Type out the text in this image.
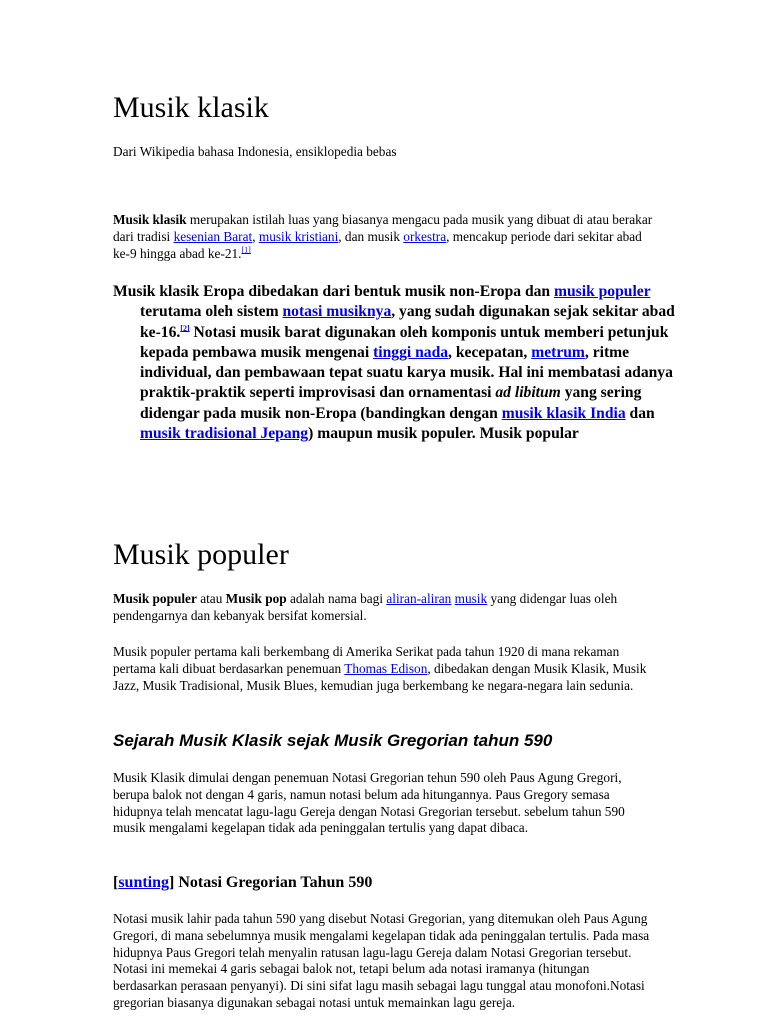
Musik klasik

Dari Wikipedia bahasa Indonesia, ensiklopedia bebas

Musik klasik merupakan istilah luas yang biasanya mengacu pada musik yang dibuat di atau berakar dari tradisi kesenian Barat, musik kristiani, dan musik orkestra, mencakup periode dari sekitar abad ke-9 hingga abad ke-21.[1]

Musik klasik Eropa dibedakan dari bentuk musik non-Eropa dan musik populer terutama oleh sistem notasi musiknya, yang sudah digunakan sejak sekitar abad ke-16.[2] Notasi musik barat digunakan oleh komponis untuk memberi petunjuk kepada pembawa musik mengenai tinggi nada, kecepatan, metrum, ritme individual, dan pembawaan tepat suatu karya musik. Hal ini membatasi adanya praktik-praktik seperti improvisasi dan ornamentasi ad libitum yang sering didengar pada musik non-Eropa (bandingkan dengan musik klasik India dan musik tradisional Jepang) maupun musik populer. Musik popular
Musik populer

Musik populer atau Musik pop adalah nama bagi aliran-aliran musik yang didengar luas oleh pendengarnya dan kebanyak bersifat komersial.

Musik populer pertama kali berkembang di Amerika Serikat pada tahun 1920 di mana rekaman pertama kali dibuat berdasarkan penemuan Thomas Edison, dibedakan dengan Musik Klasik, Musik Jazz, Musik Tradisional, Musik Blues, kemudian juga berkembang ke negara-negara lain sedunia.

Sejarah Musik Klasik sejak Musik Gregorian tahun 590

Musik Klasik dimulai dengan penemuan Notasi Gregorian tehun 590 oleh Paus Agung Gregori, berupa balok not dengan 4 garis, namun notasi belum ada hitungannya. Paus Gregory semasa hidupnya telah mencatat lagu-lagu Gereja dengan Notasi Gregorian tersebut. sebelum tahun 590 musik mengalami kegelapan tidak ada peninggalan tertulis yang dapat dibaca.

[sunting] Notasi Gregorian Tahun 590

Notasi musik lahir pada tahun 590 yang disebut Notasi Gregorian, yang ditemukan oleh Paus Agung Gregori, di mana sebelumnya musik mengalami kegelapan tidak ada peninggalan tertulis. Pada masa hidupnya Paus Gregori telah menyalin ratusan lagu-lagu Gereja dalam Notasi Gregorian tersebut. Notasi ini memekai 4 garis sebagai balok not, tetapi belum ada notasi iramanya (hitungan berdasarkan perasaan penyanyi). Di sini sifat lagu masih sebagai lagu tunggal atau monofoni.Notasi gregorian biasanya digunakan sebagai notasi untuk memainkan lagu gereja.
